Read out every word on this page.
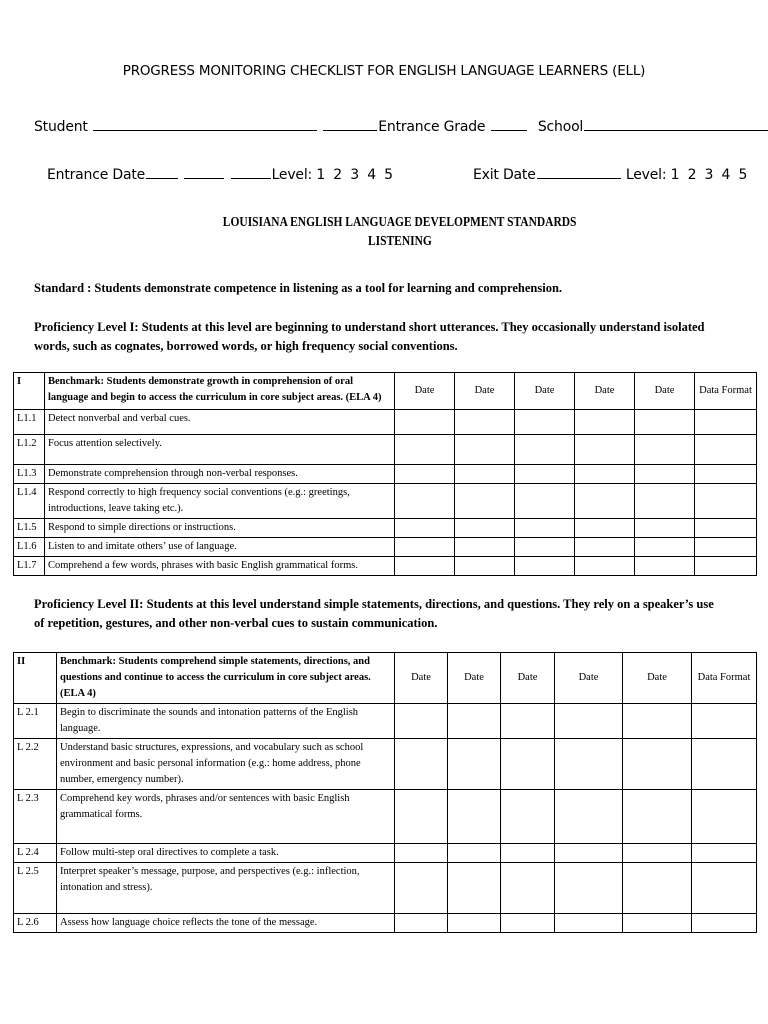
PROGRESS MONITORING CHECKLIST FOR ENGLISH LANGUAGE LEARNERS (ELL)
Student	Entrance Grade	School
Entrance Date	Level: 1 2 3 4 5	Exit Date	Level: 1 2 3 4 5
LOUISIANA ENGLISH LANGUAGE DEVELOPMENT STANDARDS
LISTENING
Standard : Students demonstrate competence in listening as a tool for learning and comprehension.
Proficiency Level I: Students at this level are beginning to understand short utterances. They occasionally understand isolated words, such as cognates, borrowed words, or high frequency social conventions.
I	Benchmark: Students demonstrate growth in comprehension of oral language and begin to access the curriculum in core subject areas. (ELA 4)	Date	Date	Date	Date	Date	Data Format
L1.1	Detect nonverbal and verbal cues.						
L1.2	Focus attention selectively.						
L1.3	Demonstrate comprehension through non-verbal responses.						
L1.4	Respond correctly to high frequency social conventions (e.g.: greetings, introductions, leave taking etc.).						
L1.5	Respond to simple directions or instructions.						
L1.6	Listen to and imitate others’ use of language.						
L1.7	Comprehend a few words, phrases with basic English grammatical forms.						
Proficiency Level II: Students at this level understand simple statements, directions, and questions. They rely on a speaker’s use of repetition, gestures, and other non-verbal cues to sustain communication.
II	Benchmark: Students comprehend simple statements, directions, and questions and continue to access the curriculum in core subject areas. (ELA 4)	Date	Date	Date	Date	Date	Data Format
L 2.1	Begin to discriminate the sounds and intonation patterns of the English language.						
L 2.2	Understand basic structures, expressions, and vocabulary such as school environment and basic personal information (e.g.: home address, phone number, emergency number).						
L 2.3	Comprehend key words, phrases and/or sentences with basic English grammatical forms.						
L 2.4	Follow multi-step oral directives to complete a task.						
L 2.5	Interpret speaker’s message, purpose, and perspectives (e.g.: inflection, intonation and stress).						
L 2.6	Assess how language choice reflects the tone of the message.						
